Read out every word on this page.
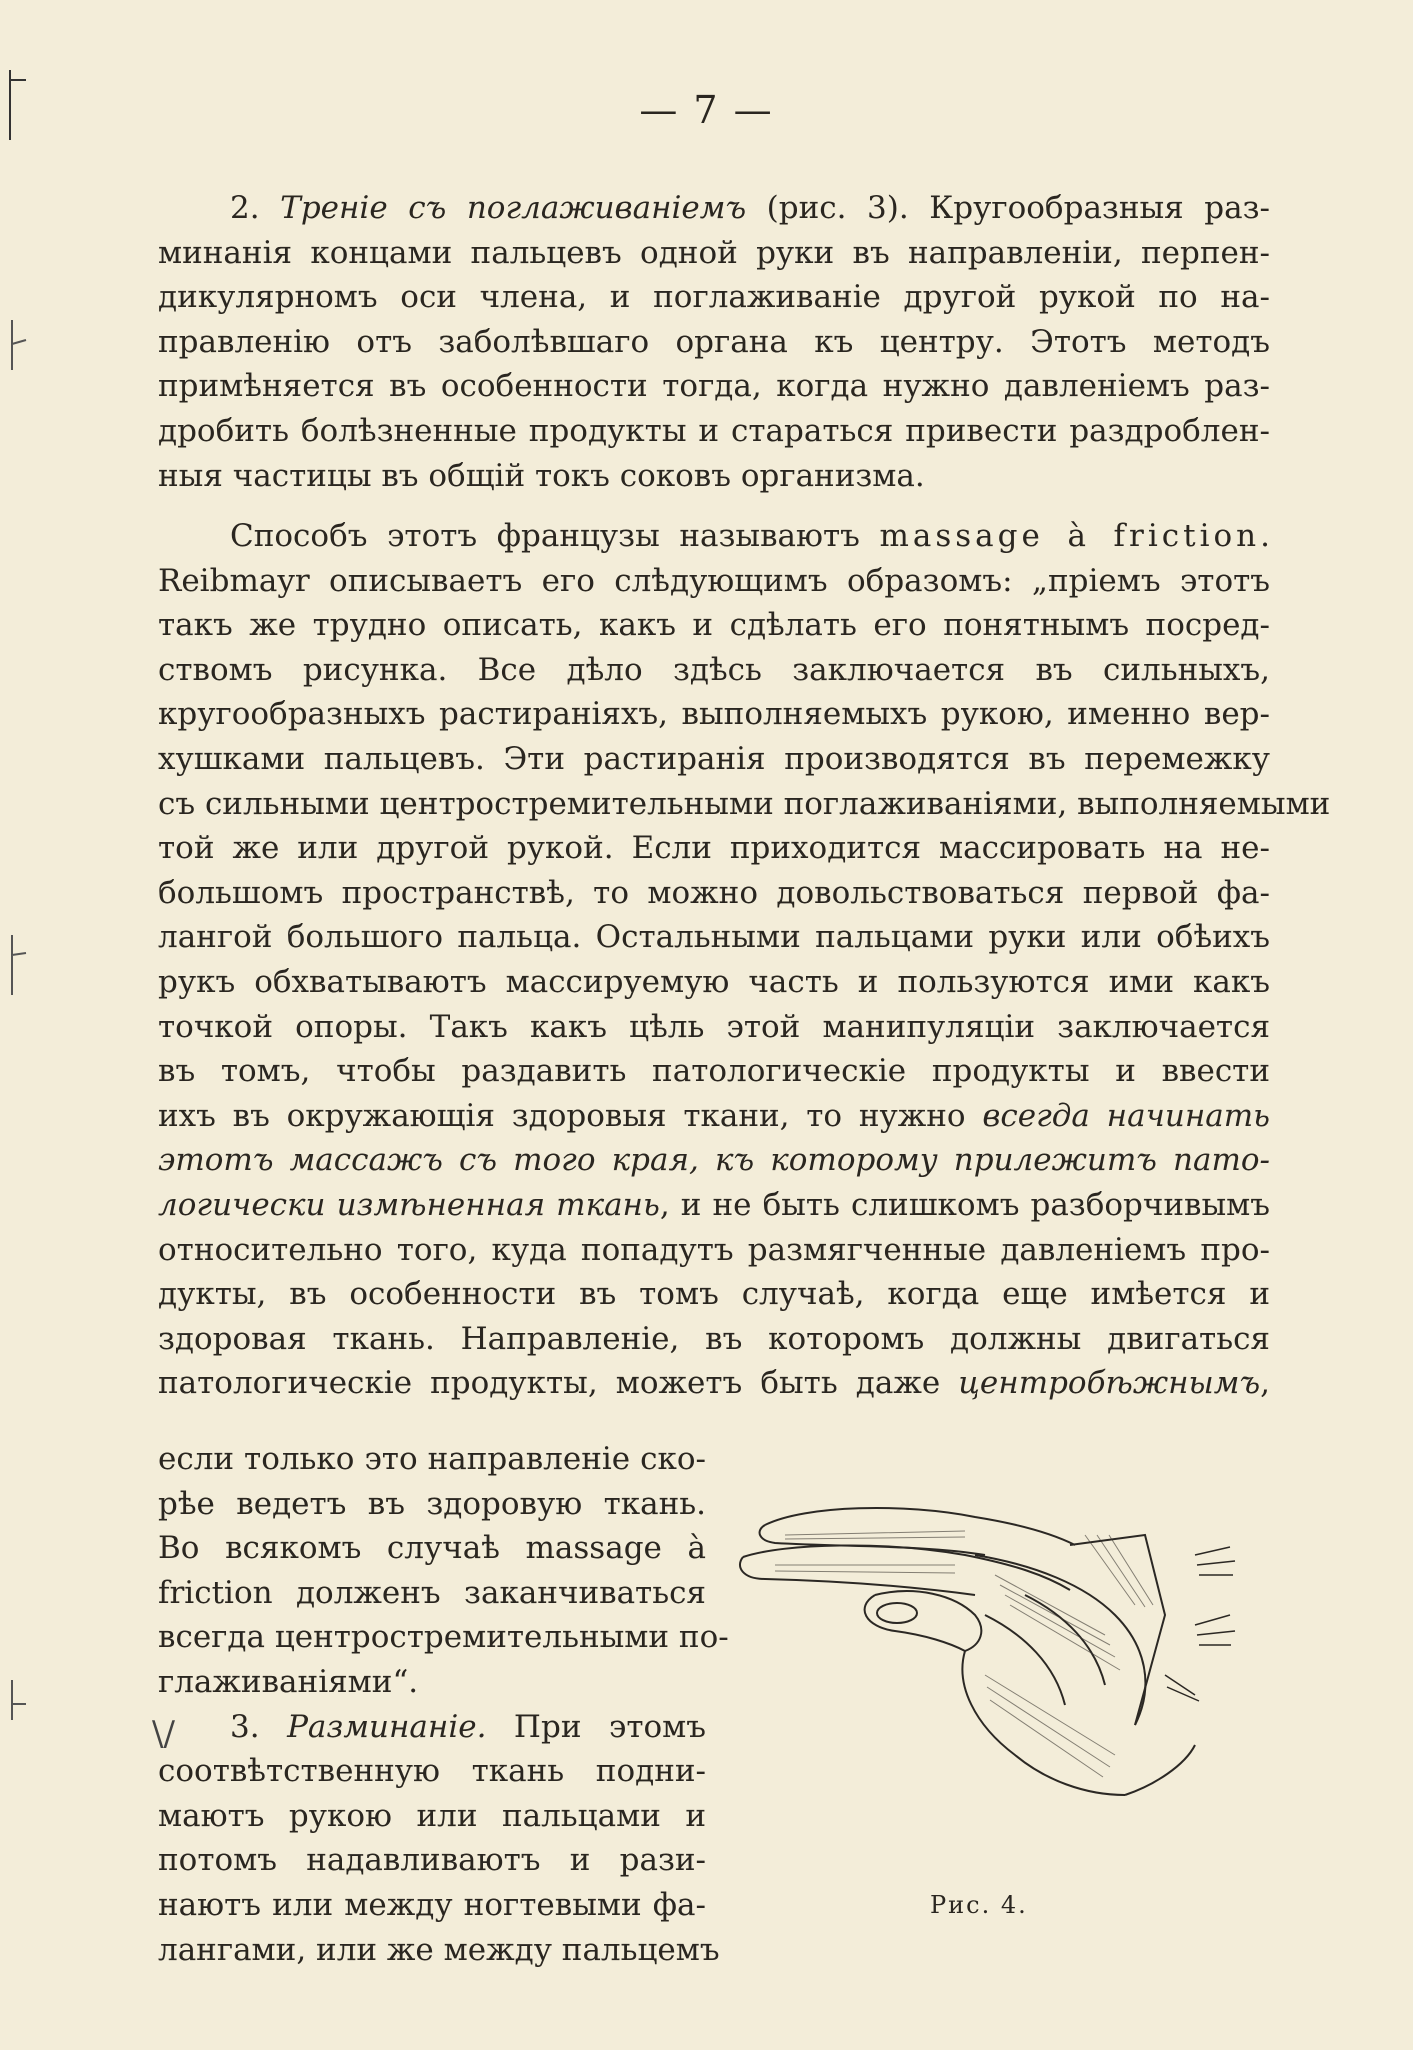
— 7 —
2. Треніе съ поглаживаніемъ (рис. 3). Кругообразныя раз-
минанія концами пальцевъ одной руки въ направленіи, перпен-
дикулярномъ оси члена, и поглаживаніе другой рукой по на-
правленію отъ заболѣвшаго органа къ центру. Этотъ методъ
примѣняется въ особенности тогда, когда нужно давленіемъ раз-
дробить болѣзненные продукты и стараться привести раздроблен-
ныя частицы въ общій токъ соковъ организма.
Способъ этотъ французы называютъ massage à friction.
Reibmayr описываетъ его слѣдующимъ образомъ: „пріемъ этотъ
такъ же трудно описать, какъ и сдѣлать его понятнымъ посред-
ствомъ рисунка. Все дѣло здѣсь заключается въ сильныхъ,
кругообразныхъ растираніяхъ, выполняемыхъ рукою, именно вер-
хушками пальцевъ. Эти растиранія производятся въ перемежку
съ сильными центростремительными поглаживаніями, выполняемыми
той же или другой рукой. Если приходится массировать на не-
большомъ пространствѣ, то можно довольствоваться первой фа-
лангой большого пальца. Остальными пальцами руки или обѣихъ
рукъ обхватываютъ массируемую часть и пользуются ими какъ
точкой опоры. Такъ какъ цѣль этой манипуляціи заключается
въ томъ, чтобы раздавить патологическіе продукты и ввести
ихъ въ окружающія здоровыя ткани, то нужно всегда начинать
этотъ массажъ съ того края, къ которому прилежитъ пато-
логически измѣненная ткань, и не быть слишкомъ разборчивымъ
относительно того, куда попадутъ размягченные давленіемъ про-
дукты, въ особенности въ томъ случаѣ, когда еще имѣется и
здоровая ткань. Направленіе, въ которомъ должны двигаться
патологическіе продукты, можетъ быть даже центробѣжнымъ,
если только это направленіе ско-
рѣе ведетъ въ здоровую ткань.
Во всякомъ случаѣ massage à
friction долженъ заканчиваться
всегда центростремительными по-
глаживаніями“.
3. Разминаніе. При этомъ
соотвѣтственную ткань подни-
маютъ рукою или пальцами и
потомъ надавливаютъ и рази-
наютъ или между ногтевыми фа-
лангами, или же между пальцемъ
\/
Рис. 4.
